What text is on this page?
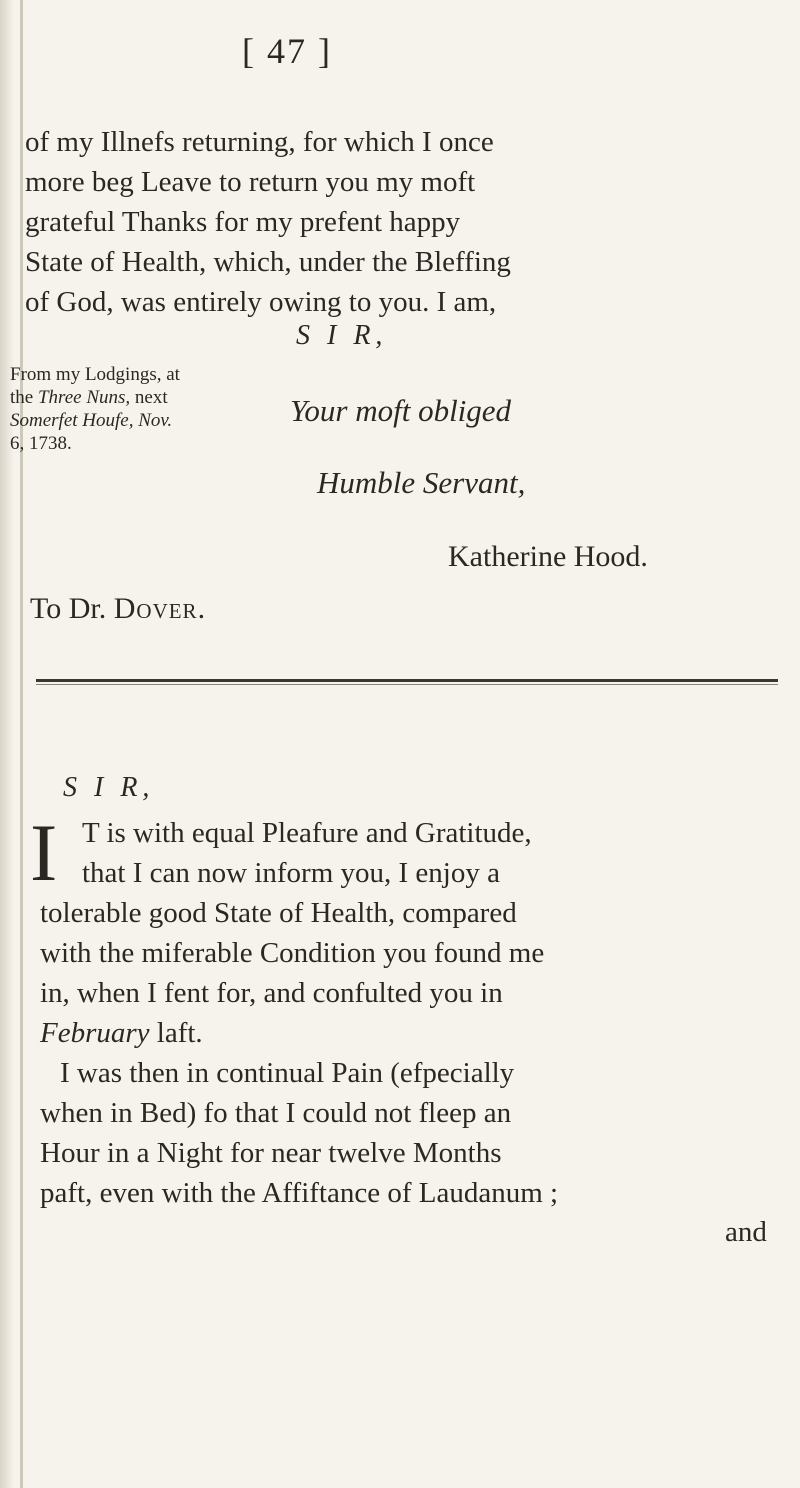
[ 47 ]
of my Illnefs returning, for which I once
more beg Leave to return you my moft
grateful Thanks for my prefent happy
State of Health, which, under the Bleffing
of God, was entirely owing to you. I am,
S I R,
From my Lodgings, at
the Three Nuns, next
Somerfet Houfe, Nov.
6, 1738.
Your moft obliged
Humble Servant,
Katherine Hood.
To Dr. Dover.
S I R,
I T is with equal Pleafure and Gratitude,
that I can now inform you, I enjoy a
tolerable good State of Health, compared
with the miferable Condition you found me
in, when I fent for, and confulted you in
February laft.
I was then in continual Pain (efpecially
when in Bed) fo that I could not fleep an
Hour in a Night for near twelve Months
paft, even with the Affiftance of Laudanum ;
and
